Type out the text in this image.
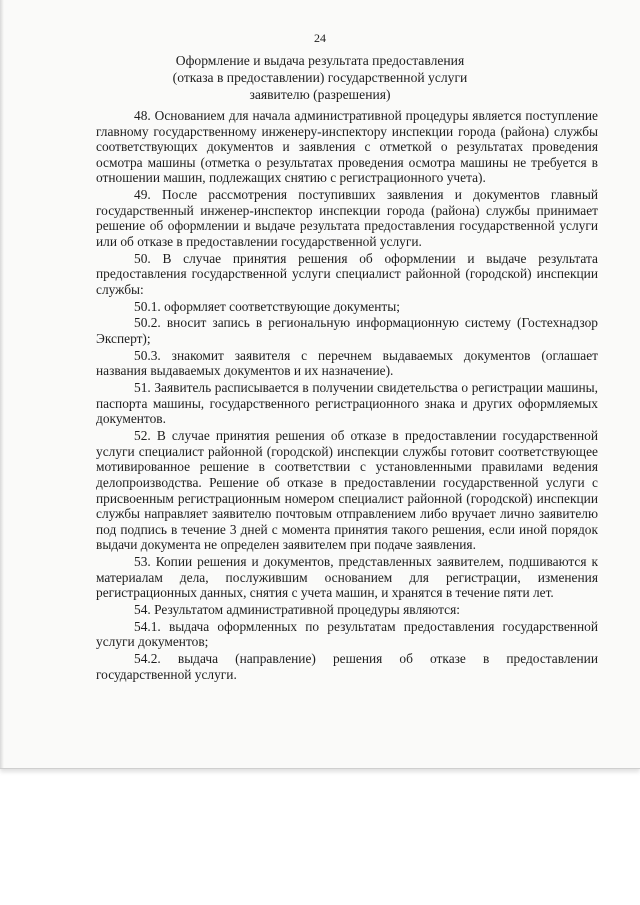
24
Оформление и выдача результата предоставления
(отказа в предоставлении) государственной услуги
заявителю (разрешения)

48. Основанием для начала административной процедуры является поступление главному государственному инженеру-инспектору инспекции города (района) службы соответствующих документов и заявления с отметкой о результатах проведения осмотра машины (отметка о результатах проведения осмотра машины не требуется в отношении машин, подлежащих снятию с регистрационного учета).

49. После рассмотрения поступивших заявления и документов главный государственный инженер-инспектор инспекции города (района) службы принимает решение об оформлении и выдаче результата предоставления государственной услуги или об отказе в предоставлении государственной услуги.

50. В случае принятия решения об оформлении и выдаче результата предоставления государственной услуги специалист районной (городской) инспекции службы:

50.1. оформляет соответствующие документы;

50.2. вносит запись в региональную информационную систему (Гостехнадзор Эксперт);

50.3. знакомит заявителя с перечнем выдаваемых документов (оглашает названия выдаваемых документов и их назначение).

51. Заявитель расписывается в получении свидетельства о регистрации машины, паспорта машины, государственного регистрационного знака и других оформляемых документов.

52. В случае принятия решения об отказе в предоставлении государственной услуги специалист районной (городской) инспекции службы готовит соответствующее мотивированное решение в соответствии с установленными правилами ведения делопроизводства. Решение об отказе в предоставлении государственной услуги с присвоенным регистрационным номером специалист районной (городской) инспекции службы направляет заявителю почтовым отправлением либо вручает лично заявителю под подпись в течение 3 дней с момента принятия такого решения, если иной порядок выдачи документа не определен заявителем при подаче заявления.

53. Копии решения и документов, представленных заявителем, подшиваются к материалам дела, послужившим основанием для регистрации, изменения регистрационных данных, снятия с учета машин, и хранятся в течение пяти лет.

54. Результатом административной процедуры являются:

54.1. выдача оформленных по результатам предоставления государственной услуги документов;

54.2. выдача (направление) решения об отказе в предоставлении государственной услуги.
